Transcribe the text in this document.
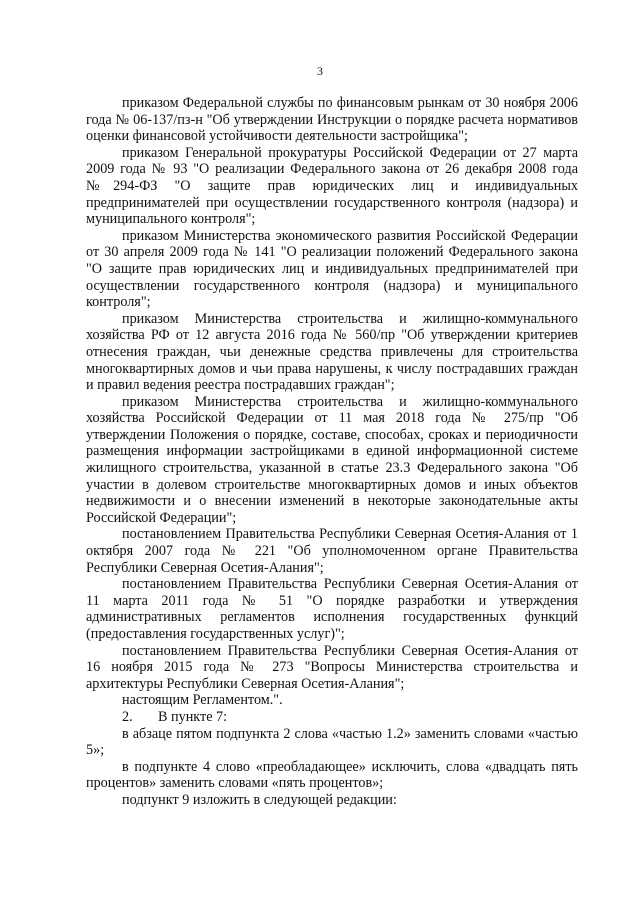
3

приказом Федеральной службы по финансовым рынкам от 30 ноября 2006 года № 06-137/пз-н "Об утверждении Инструкции о порядке расчета нормативов оценки финансовой устойчивости деятельности застройщика";

приказом Генеральной прокуратуры Российской Федерации от 27 марта 2009 года № 93 "О реализации Федерального закона от 26 декабря 2008 года №294-ФЗ "О защите прав юридических лиц и индивидуальных предпринимателей при осуществлении государственного контроля (надзора) и муниципального контроля";

приказом Министерства экономического развития Российской Федерации от 30 апреля 2009 года № 141 "О реализации положений Федерального закона "О защите прав юридических лиц и индивидуальных предпринимателей при осуществлении государственного контроля (надзора) и муниципального контроля";

приказом Министерства строительства и жилищно-коммунального хозяйства РФ от 12 августа 2016 года № 560/пр "Об утверждении критериев отнесения граждан, чьи денежные средства привлечены для строительства многоквартирных домов и чьи права нарушены, к числу пострадавших граждан и правил ведения реестра пострадавших граждан";

приказом Министерства строительства и жилищно-коммунального хозяйства Российской Федерации от 11 мая 2018 года № 275/пр "Об утверждении Положения о порядке, составе, способах, сроках и периодичности размещения информации застройщиками в единой информационной системе жилищного строительства, указанной в статье 23.3 Федерального закона "Об участии в долевом строительстве многоквартирных домов и иных объектов недвижимости и о внесении изменений в некоторые законодательные акты Российской Федерации";

постановлением Правительства Республики Северная Осетия-Алания от 1 октября 2007 года № 221 "Об уполномоченном органе Правительства Республики Северная Осетия-Алания";

постановлением Правительства Республики Северная Осетия-Алания от 11 марта 2011 года № 51 "О порядке разработки и утверждения административных регламентов исполнения государственных функций (предоставления государственных услуг)";

постановлением Правительства Республики Северная Осетия-Алания от 16 ноября 2015 года № 273 "Вопросы Министерства строительства и архитектуры Республики Северная Осетия-Алания";

настоящим Регламентом.".

2. В пункте 7:

в абзаце пятом подпункта 2 слова «частью 1.2» заменить словами «частью 5»;

в подпункте 4 слово «преобладающее» исключить, слова «двадцать пять процентов» заменить словами «пять процентов»;

подпункт 9 изложить в следующей редакции:
